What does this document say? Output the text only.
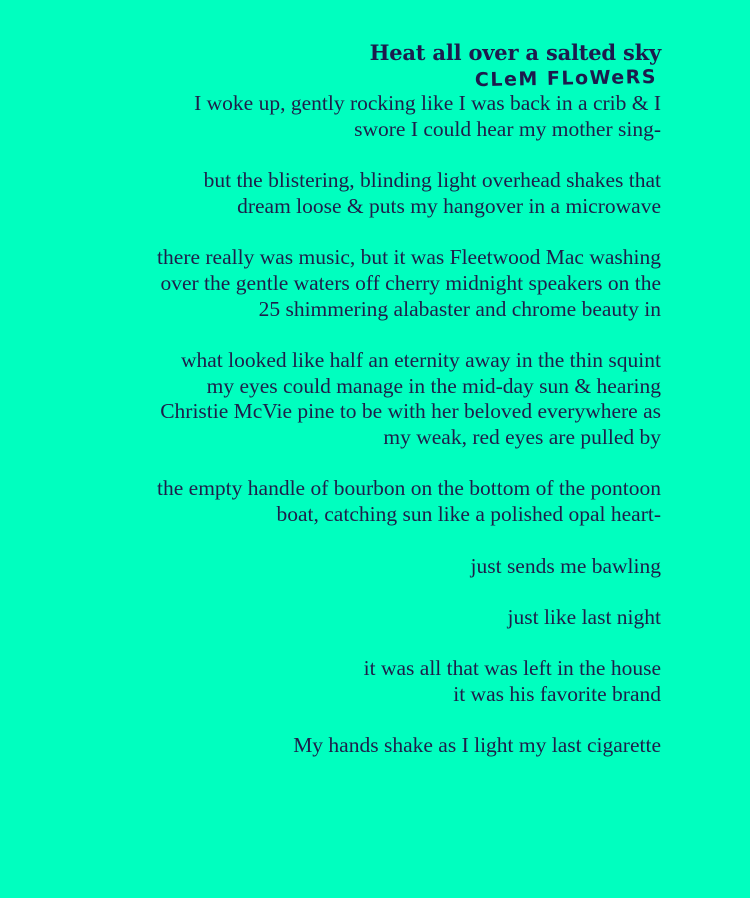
Heat all over a salted sky
CLeM FLoWeRS

I woke up, gently rocking like I was back in a crib & I
swore I could hear my mother sing-

but the blistering, blinding light overhead shakes that
dream loose & puts my hangover in a microwave

there really was music, but it was Fleetwood Mac washing
over the gentle waters off cherry midnight speakers on the
25 shimmering alabaster and chrome beauty in

what looked like half an eternity away in the thin squint
my eyes could manage in the mid-day sun & hearing
Christie McVie pine to be with her beloved everywhere as
my weak, red eyes are pulled by

the empty handle of bourbon on the bottom of the pontoon
boat, catching sun like a polished opal heart-

just sends me bawling

just like last night

it was all that was left in the house
it was his favorite brand

My hands shake as I light my last cigarette
